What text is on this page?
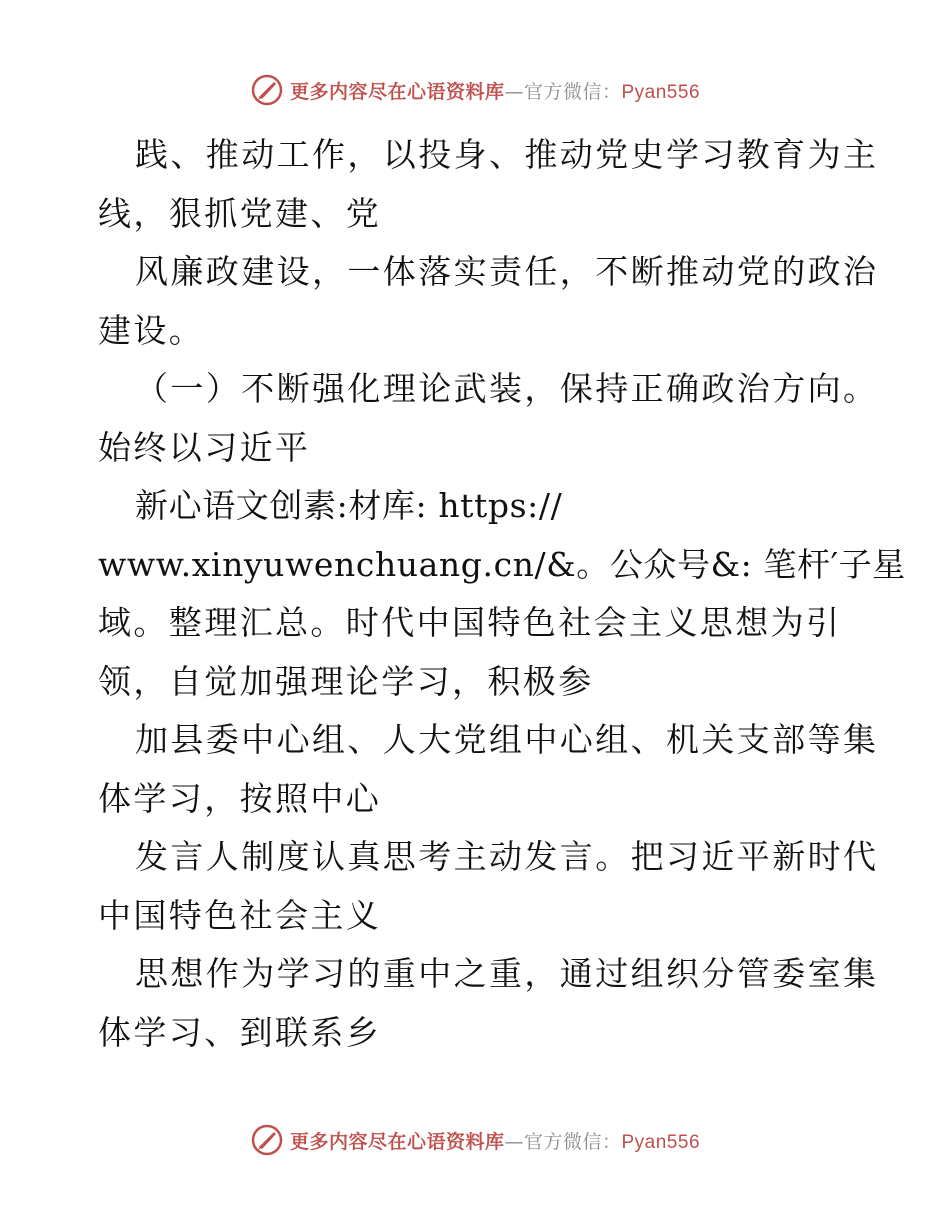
更多内容尽在心语资料库—官方微信：Pyan556
践、推动工作，以投身、推动党史学习教育为主
线，狠抓党建、党
风廉政建设，一体落实责任，不断推动党的政治
建设。
（一）不断强化理论武装，保持正确政治方向。
始终以习近平
新心语文创素:材库: https://
www.xinyuwenchuang.cn/&。公众号&: 笔杆′子星
域。整理汇总。时代中国特色社会主义思想为引
领，自觉加强理论学习，积极参
加县委中心组、人大党组中心组、机关支部等集
体学习，按照中心
发言人制度认真思考主动发言。把习近平新时代
中国特色社会主义
思想作为学习的重中之重，通过组织分管委室集
体学习、到联系乡
更多内容尽在心语资料库—官方微信：Pyan556
